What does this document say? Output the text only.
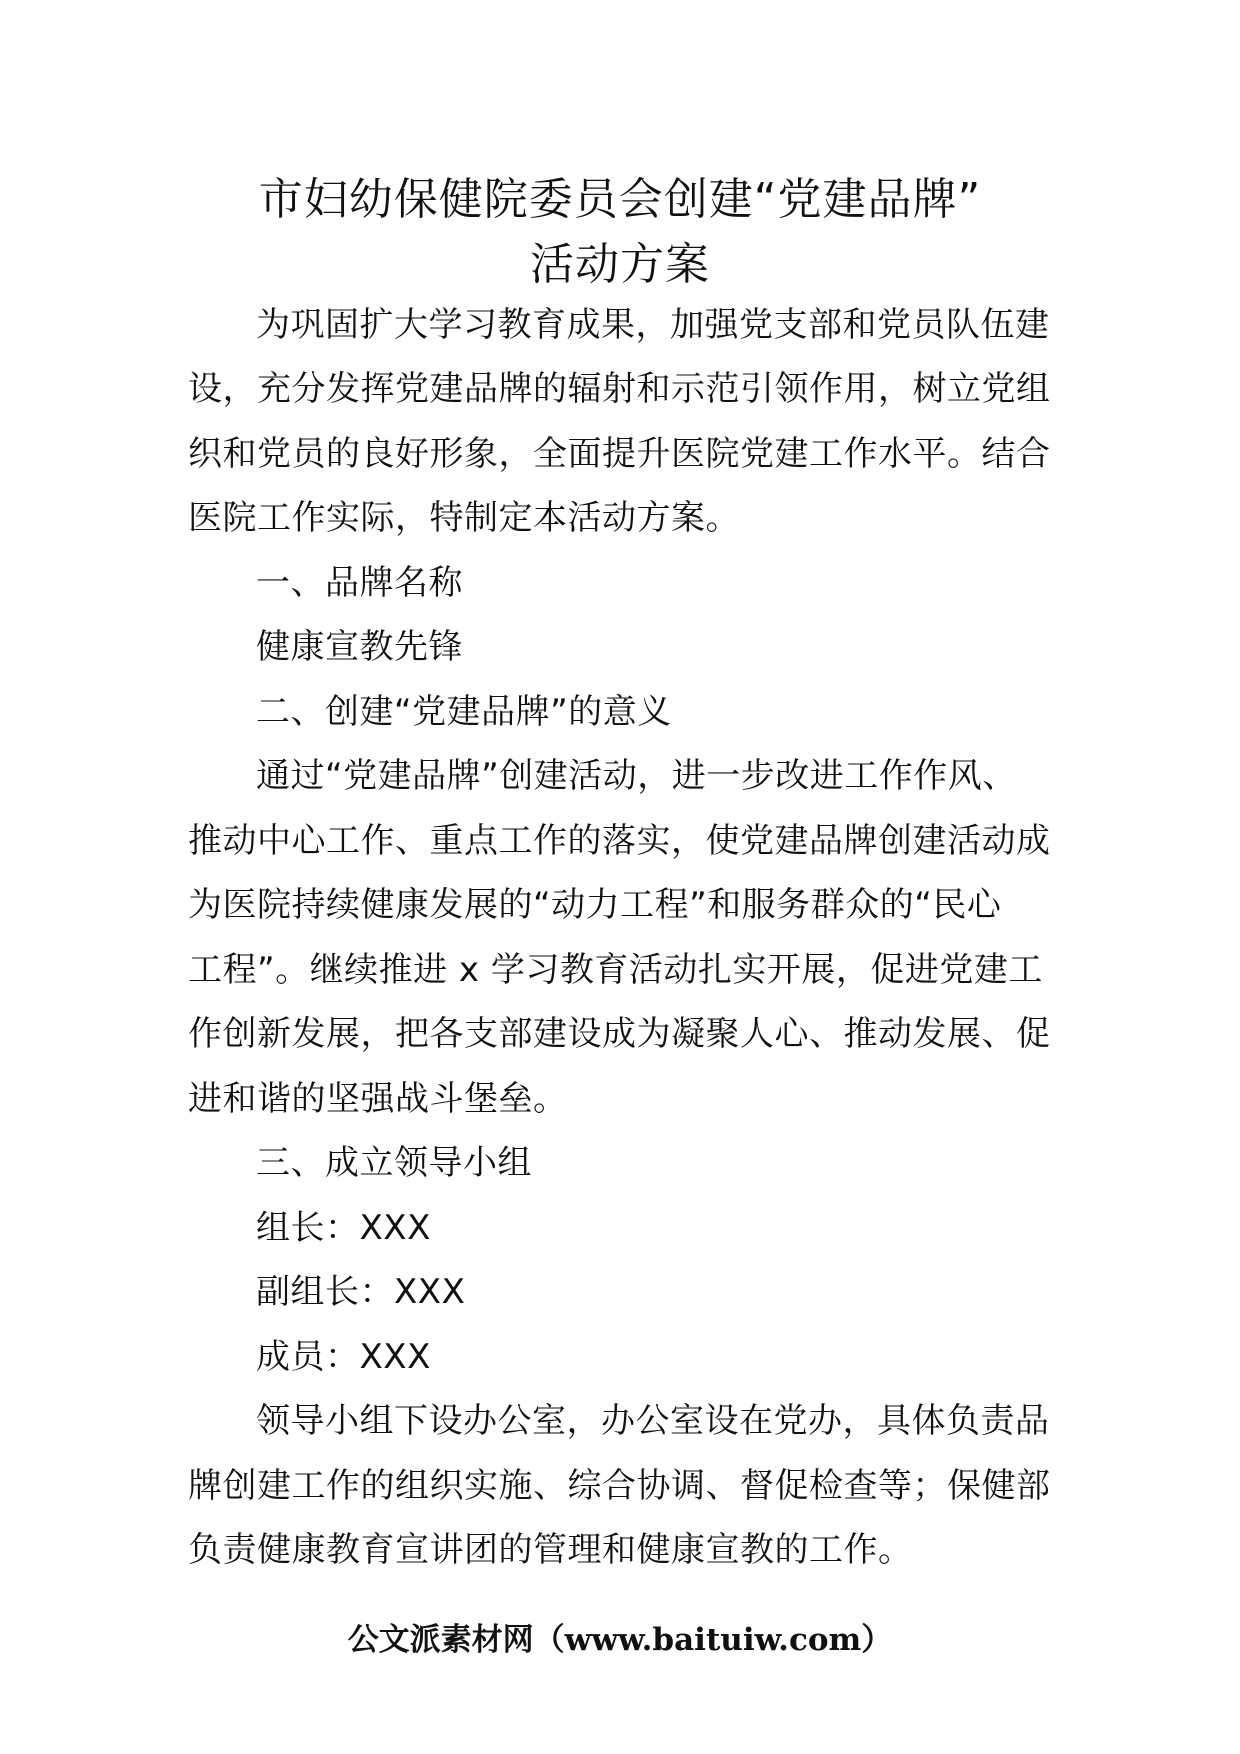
市妇幼保健院委员会创建“党建品牌”
活动方案
为巩固扩大学习教育成果，加强党支部和党员队伍建
设，充分发挥党建品牌的辐射和示范引领作用，树立党组
织和党员的良好形象，全面提升医院党建工作水平。结合
医院工作实际，特制定本活动方案。
一、品牌名称
健康宣教先锋
二、创建“党建品牌”的意义
通过“党建品牌”创建活动，进一步改进工作作风、
推动中心工作、重点工作的落实，使党建品牌创建活动成
为医院持续健康发展的“动力工程”和服务群众的“民心
工程”。继续推进 x 学习教育活动扎实开展，促进党建工
作创新发展，把各支部建设成为凝聚人心、推动发展、促
进和谐的坚强战斗堡垒。
三、成立领导小组
组长：XXX
副组长：XXX
成员：XXX
领导小组下设办公室，办公室设在党办，具体负责品
牌创建工作的组织实施、综合协调、督促检查等；保健部
负责健康教育宣讲团的管理和健康宣教的工作。
公文派素材网（www.baituiw.com）
